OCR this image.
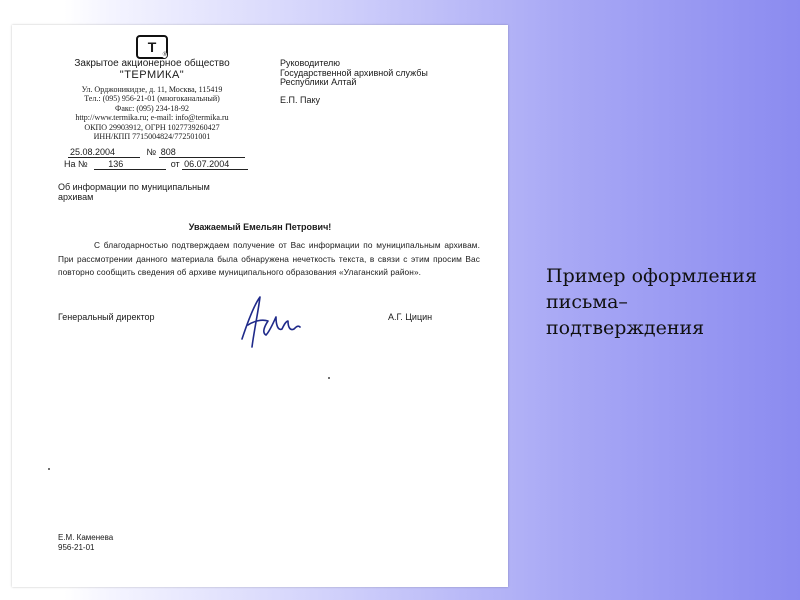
T ®
Закрытое акционерное общество
"ТЕРМИКА"
Ул. Орджоникидзе, д. 11, Москва, 115419
Тел.: (095) 956-21-01 (многоканальный)
Факс: (095) 234-18-92
http://www.termika.ru; e-mail: info@termika.ru
ОКПО 29903912, ОГРН 1027739260427
ИНН/КПП 7715004824/772501001
Руководителю
Государственной архивной службы
Республики Алтай
Е.П. Паку
25.08.2004	№ 808
На № 136	от 06.07.2004
Об информации по муниципальным
архивам
Уважаемый Емельян Петрович!
С благодарностью подтверждаем получение от Вас информации по муниципальным архивам. При рассмотрении данного материала была обнаружена нечеткость текста, в связи с этим просим Вас повторно сообщить сведения об архиве муниципального образования «Улаганский район».
Генеральный директор	А.Г. Цицин
Е.М. Каменева
956-21-01
Пример оформления письма–подтверждения
